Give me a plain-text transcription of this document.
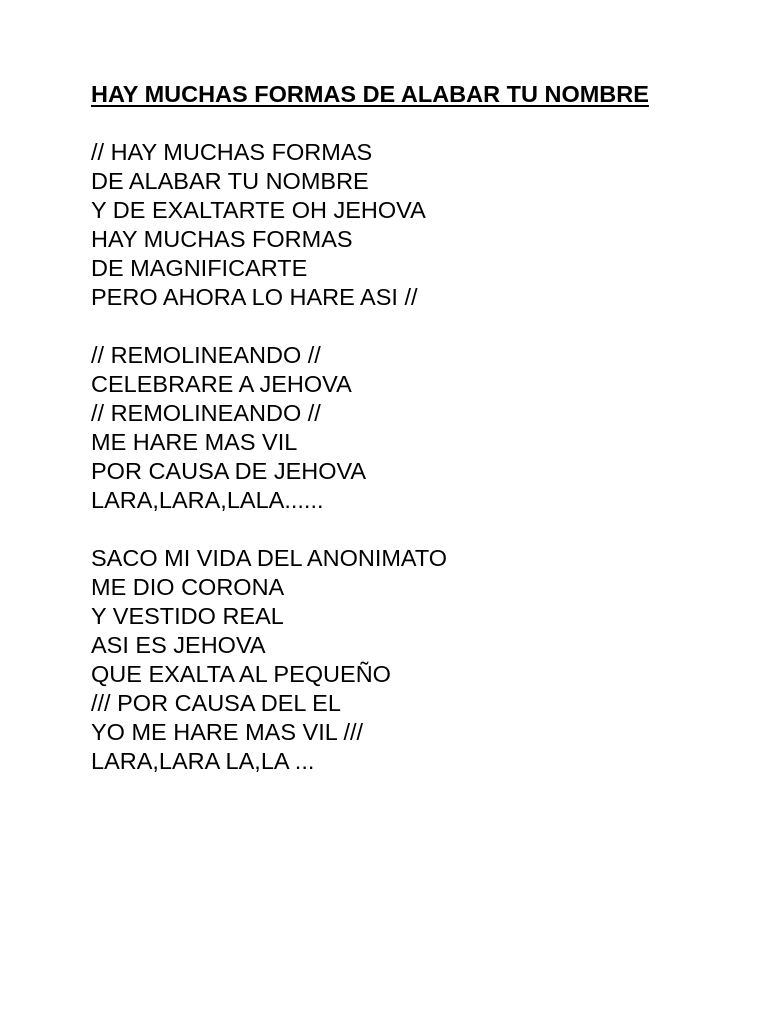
HAY MUCHAS FORMAS DE ALABAR TU NOMBRE
// HAY MUCHAS FORMAS
DE ALABAR TU NOMBRE
Y DE EXALTARTE OH JEHOVA
HAY MUCHAS FORMAS
DE MAGNIFICARTE
PERO AHORA LO HARE ASI //
// REMOLINEANDO //
CELEBRARE A JEHOVA
// REMOLINEANDO //
ME HARE MAS VIL
POR CAUSA DE JEHOVA
LARA,LARA,LALA......
SACO MI VIDA DEL ANONIMATO
ME DIO CORONA
Y VESTIDO REAL
ASI ES JEHOVA
QUE EXALTA AL PEQUEÑO
/// POR CAUSA DEL EL
YO ME HARE MAS VIL ///
LARA,LARA LA,LA ...
